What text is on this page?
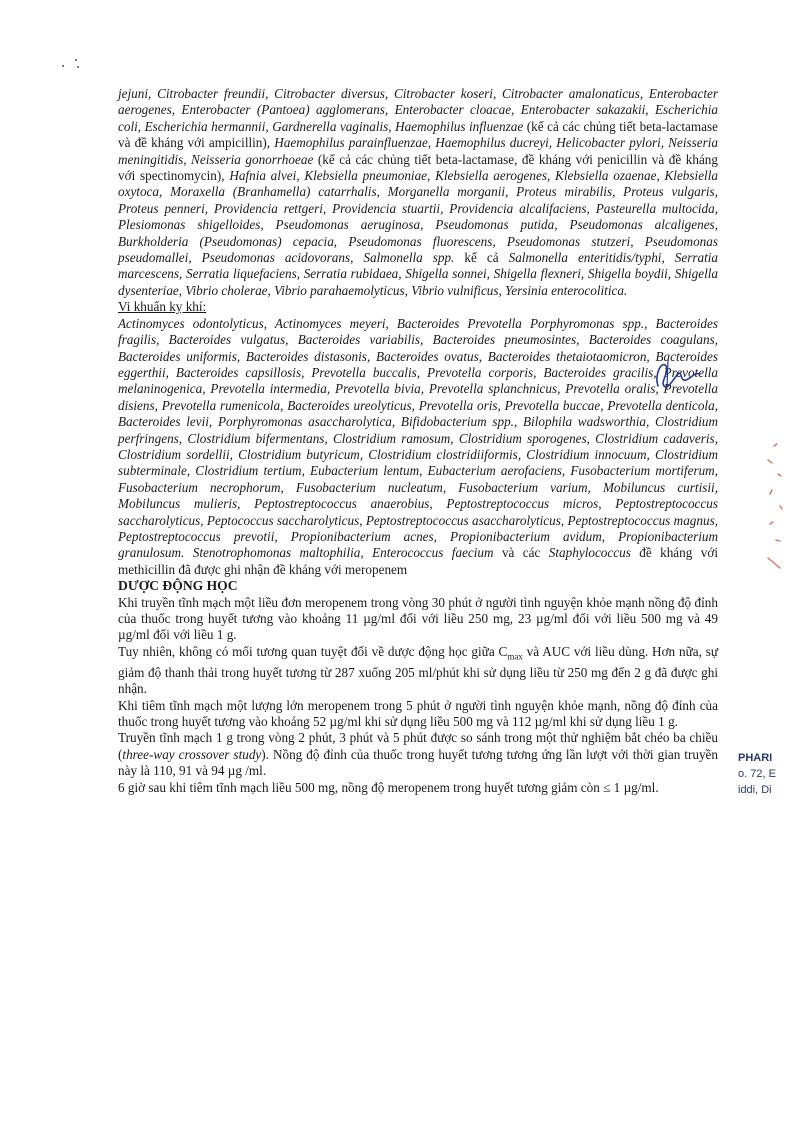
jejuni, Citrobacter freundii, Citrobacter diversus, Citrobacter koseri, Citrobacter amalonaticus, Enterobacter aerogenes, Enterobacter (Pantoea) agglomerans, Enterobacter cloacae, Enterobacter sakazakii, Escherichia coli, Escherichia hermannii, Gardnerella vaginalis, Haemophilus influenzae (kể cả các chủng tiết beta-lactamase và đề kháng với ampicillin), Haemophilus parainfluenzae, Haemophilus ducreyi, Helicobacter pylori, Neisseria meningitidis, Neisseria gonorrhoeae (kể cả các chủng tiết beta-lactamase, đề kháng với penicillin và đề kháng với spectinomycin), Hafnia alvei, Klebsiella pneumoniae, Klebsiella aerogenes, Klebsiella ozaenae, Klebsiella oxytoca, Moraxella (Branhamella) catarrhalis, Morganella morganii, Proteus mirabilis, Proteus vulgaris, Proteus penneri, Providencia rettgeri, Providencia stuartii, Providencia alcalifaciens, Pasteurella multocida, Plesiomonas shigelloides, Pseudomonas aeruginosa, Pseudomonas putida, Pseudomonas alcaligenes, Burkholderia (Pseudomonas) cepacia, Pseudomonas fluorescens, Pseudomonas stutzeri, Pseudomonas pseudomallei, Pseudomonas acidovorans, Salmonella spp. kể cả Salmonella enteritidis/typhi, Serratia marcescens, Serratia liquefaciens, Serratia rubidaea, Shigella sonnei, Shigella flexneri, Shigella boydii, Shigella dysenteriae, Vibrio cholerae, Vibrio parahaemolyticus, Vibrio vulnificus, Yersinia enterocolitica.

Vi khuẩn kỵ khí:

Actinomyces odontolyticus, Actinomyces meyeri, Bacteroides Prevotella Porphyromonas spp., Bacteroides fragilis, Bacteroides vulgatus, Bacteroides variabilis, Bacteroides pneumosintes, Bacteroides coagulans, Bacteroides uniformis, Bacteroides distasonis, Bacteroides ovatus, Bacteroides thetaiotaomicron, Bacteroides eggerthii, Bacteroides capsillosis, Prevotella buccalis, Prevotella corporis, Bacteroides gracilis, Prevotella melaninogenica, Prevotella intermedia, Prevotella bivia, Prevotella splanchnicus, Prevotella oralis, Prevotella disiens, Prevotella rumenicola, Bacteroides ureolyticus, Prevotella oris, Prevotella buccae, Prevotella denticola, Bacteroides levii, Porphyromonas asaccharolytica, Bifidobacterium spp., Bilophila wadsworthia, Clostridium perfringens, Clostridium bifermentans, Clostridium ramosum, Clostridium sporogenes, Clostridium cadaveris, Clostridium sordellii, Clostridium butyricum, Clostridium clostridiiformis, Clostridium innocuum, Clostridium subterminale, Clostridium tertium, Eubacterium lentum, Eubacterium aerofaciens, Fusobacterium mortiferum, Fusobacterium necrophorum, Fusobacterium nucleatum, Fusobacterium varium, Mobiluncus curtisii, Mobiluncus mulieris, Peptostreptococcus anaerobius, Peptostreptococcus micros, Peptostreptococcus saccharolyticus, Peptococcus saccharolyticus, Peptostreptococcus asaccharolyticus, Peptostreptococcus magnus, Peptostreptococcus prevotii, Propionibacterium acnes, Propionibacterium avidum, Propionibacterium granulosum. Stenotrophomonas maltophilia, Enterococcus faecium và các Staphylococcus đề kháng với methicillin đã được ghi nhận đề kháng với meropenem

DƯỢC ĐỘNG HỌC

Khi truyền tĩnh mạch một liều đơn meropenem trong vòng 30 phút ở người tình nguyện khỏe mạnh nồng độ đỉnh của thuốc trong huyết tương vào khoảng 11 µg/ml đối với liều 250 mg, 23 µg/ml đối với liều 500 mg và 49 µg/ml đối với liều 1 g.

Tuy nhiên, không có mối tương quan tuyệt đối về dược động học giữa $C_{max}$ và AUC với liều dùng. Hơn nữa, sự giảm độ thanh thải trong huyết tương từ 287 xuống 205 ml/phút khi sử dụng liều từ 250 mg đến 2 g đã được ghi nhận.

Khi tiêm tĩnh mạch một lượng lớn meropenem trong 5 phút ở người tình nguyện khỏe mạnh, nồng độ đỉnh của thuốc trong huyết tương vào khoảng 52 µg/ml khi sử dụng liều 500 mg và 112 µg/ml khi sử dụng liều 1 g.

Truyền tĩnh mạch 1 g trong vòng 2 phút, 3 phút và 5 phút được so sánh trong một thử nghiệm bắt chéo ba chiều (three-way crossover study). Nồng độ đỉnh của thuốc trong huyết tương tương ứng lần lượt với thời gian truyền này là 110, 91 và 94 µg /ml.

6 giờ sau khi tiêm tĩnh mạch liều 500 mg, nồng độ meropenem trong huyết tương giảm còn ≤ 1 µg/ml.

PHARI
o. 72, E
iddi, Di
